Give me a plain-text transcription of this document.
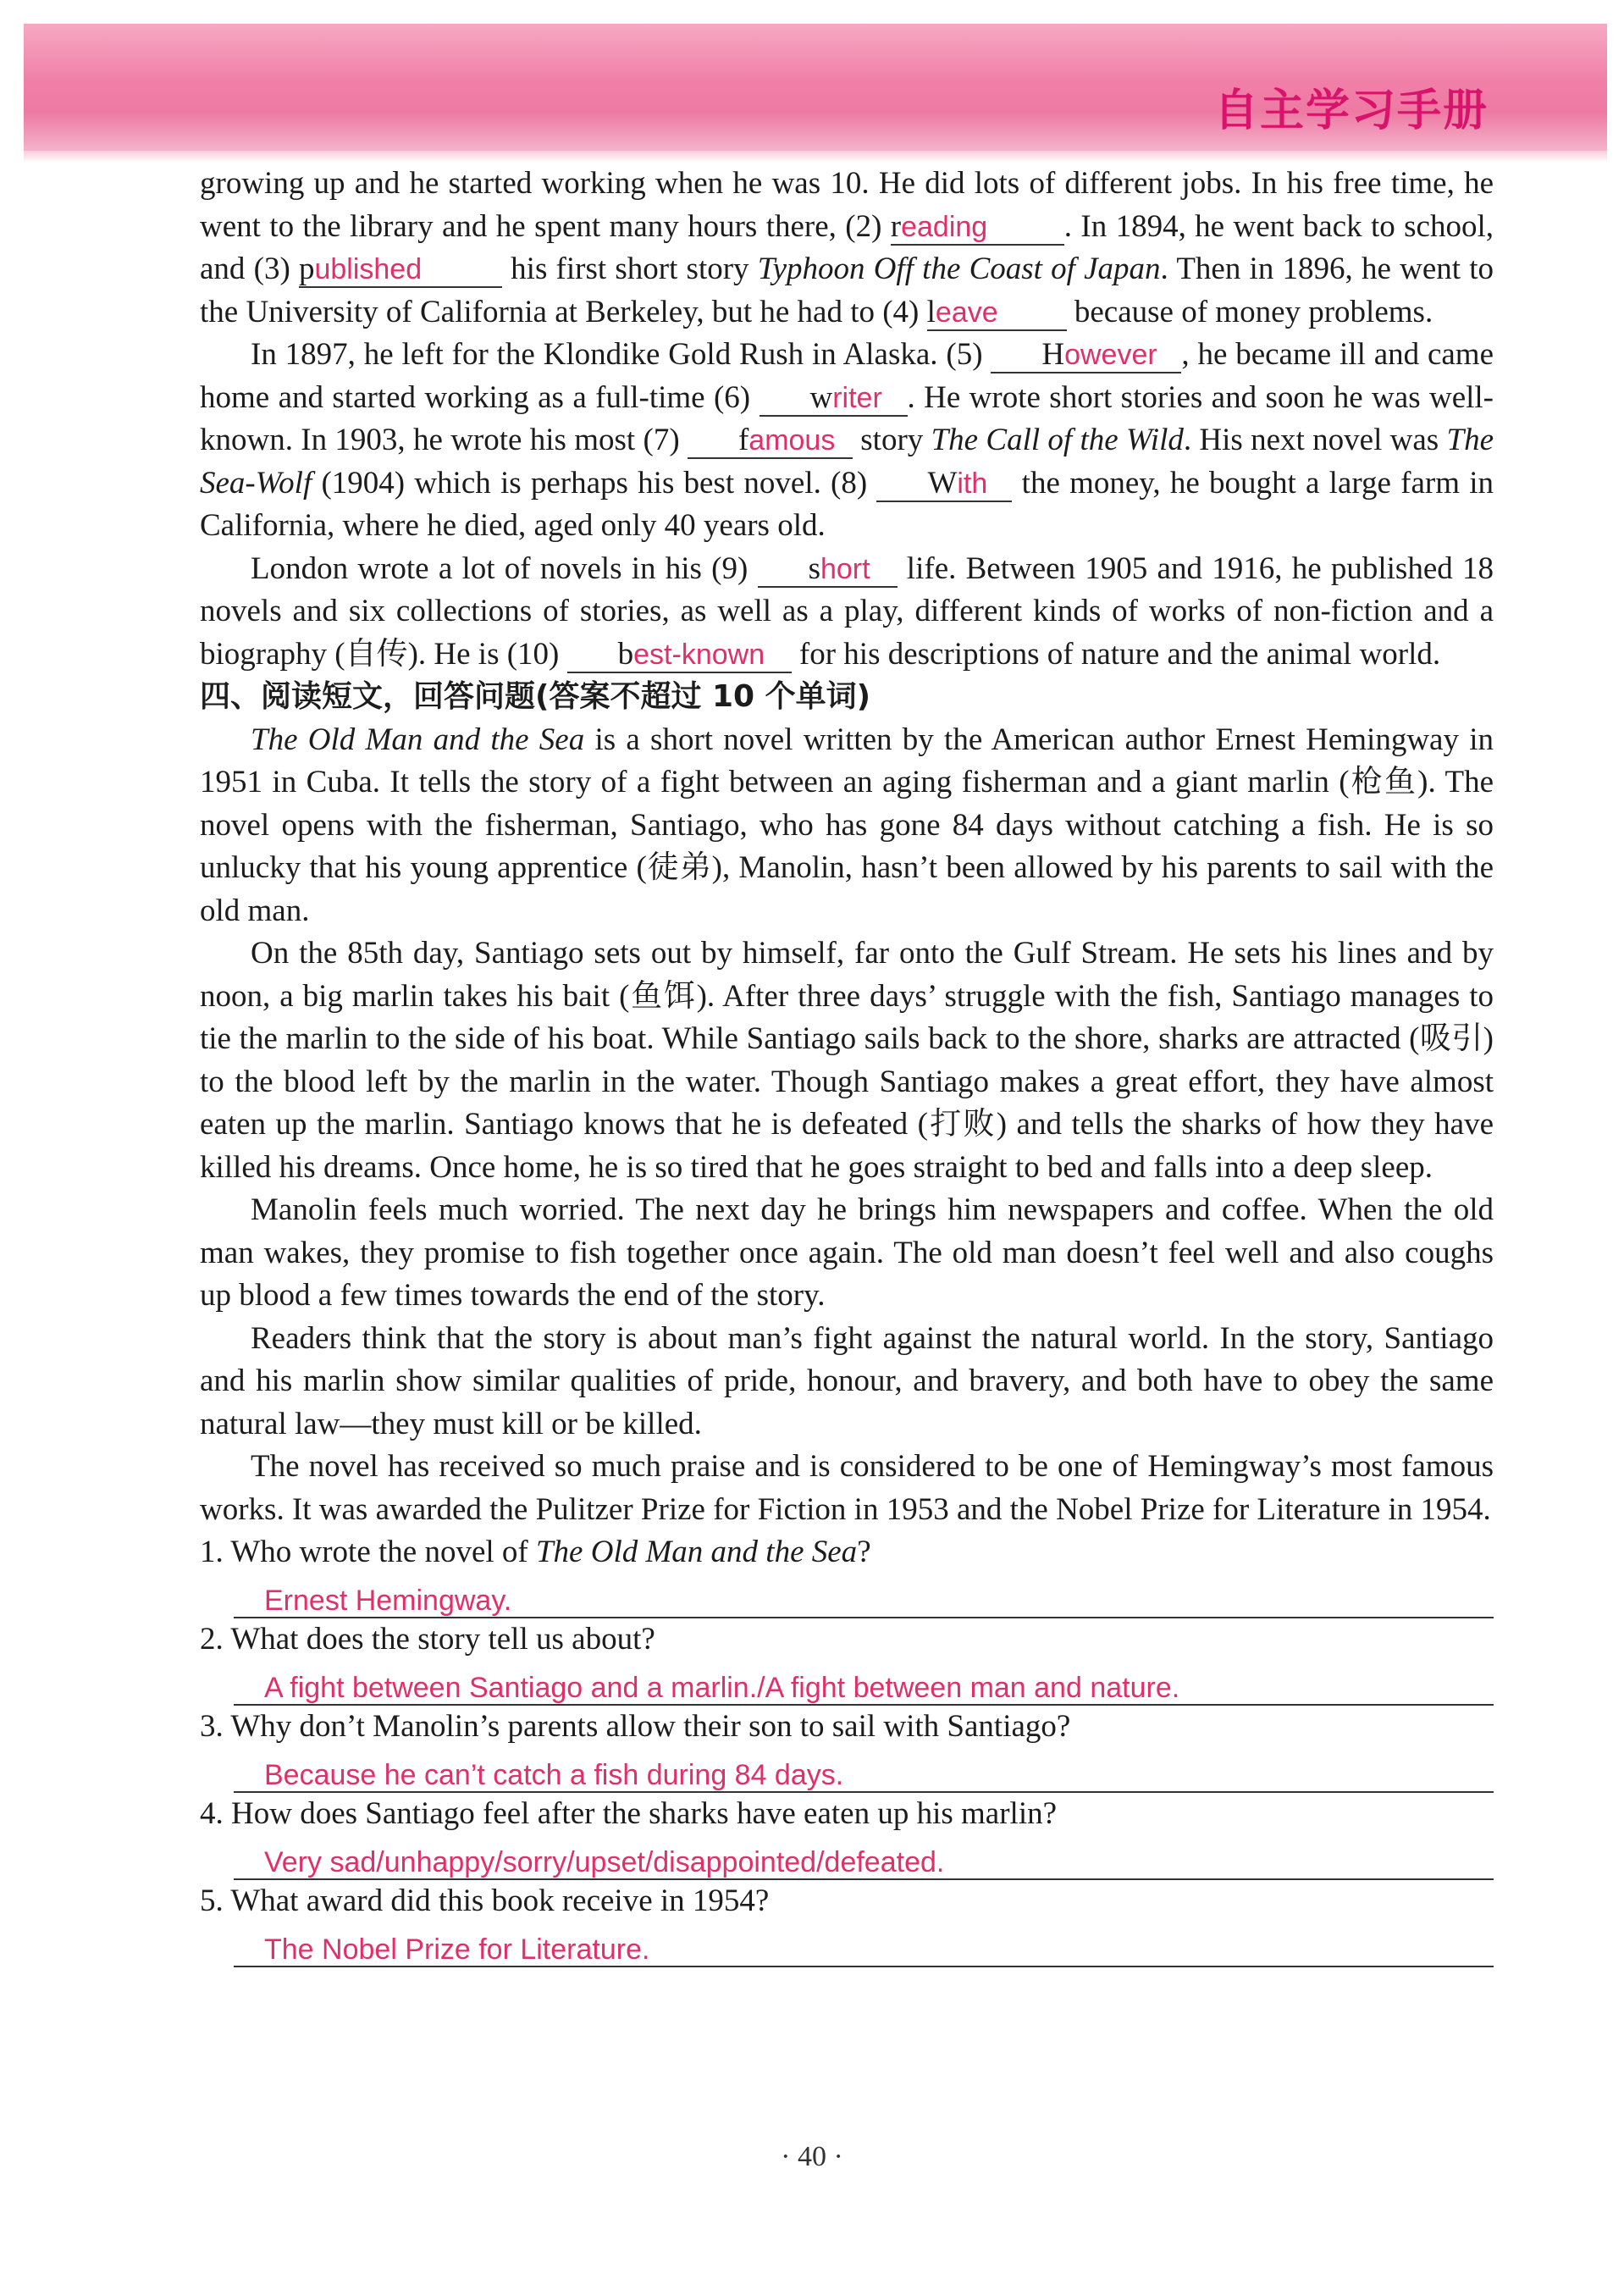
自主学习手册

growing up and he started working when he was 10. He did lots of different jobs. In his free time, he went to the library and he spent many hours there, (2) reading . In 1894, he went back to school, and (3) published	his first short story Typhoon Off the Coast of Japan. Then in 1896, he went to the University of California at Berkeley, but he had to (4) leave because of money problems.

In 1897, he left for the Klondike Gold Rush in Alaska. (5) However , he became ill and came home and started working as a full-time (6) writer . He wrote short stories and soon he was well-known. In 1903, he wrote his most (7) famous story The Call of the Wild. His next novel was The Sea-Wolf (1904) which is perhaps his best novel. (8) With the money, he bought a large farm in California, where he died, aged only 40 years old.

London wrote a lot of novels in his (9) short life. Between 1905 and 1916, he published 18 novels and six collections of stories, as well as a play, different kinds of works of non-fiction and a biography (自传). He is (10) best-known for his descriptions of nature and the animal world.

四、阅读短文，回答问题(答案不超过 10 个单词)

The Old Man and the Sea is a short novel written by the American author Ernest Hemingway in 1951 in Cuba. It tells the story of a fight between an aging fisherman and a giant marlin (枪鱼). The novel opens with the fisherman, Santiago, who has gone 84 days without catching a fish. He is so unlucky that his young apprentice (徒弟), Manolin, hasn’t been allowed by his parents to sail with the old man.

On the 85th day, Santiago sets out by himself, far onto the Gulf Stream. He sets his lines and by noon, a big marlin takes his bait (鱼饵). After three days’ struggle with the fish, Santiago manages to tie the marlin to the side of his boat. While Santiago sails back to the shore, sharks are attracted (吸引) to the blood left by the marlin in the water. Though Santiago makes a great effort, they have almost eaten up the marlin. Santiago knows that he is defeated (打败) and tells the sharks of how they have killed his dreams. Once home, he is so tired that he goes straight to bed and falls into a deep sleep.

Manolin feels much worried. The next day he brings him newspapers and coffee. When the old man wakes, they promise to fish together once again. The old man doesn’t feel well and also coughs up blood a few times towards the end of the story.

Readers think that the story is about man’s fight against the natural world. In the story, Santiago and his marlin show similar qualities of pride, honour, and bravery, and both have to obey the same natural law—they must kill or be killed.

The novel has received so much praise and is considered to be one of Hemingway’s most famous works. It was awarded the Pulitzer Prize for Fiction in 1953 and the Nobel Prize for Literature in 1954.

1. Who wrote the novel of The Old Man and the Sea?

Ernest Hemingway.

2. What does the story tell us about?

A fight between Santiago and a marlin./A fight between man and nature.

3. Why don’t Manolin’s parents allow their son to sail with Santiago?

Because he can’t catch a fish during 84 days.

4. How does Santiago feel after the sharks have eaten up his marlin?

Very sad/unhappy/sorry/upset/disappointed/defeated.

5. What award did this book receive in 1954?

The Nobel Prize for Literature.
· 40 ·
